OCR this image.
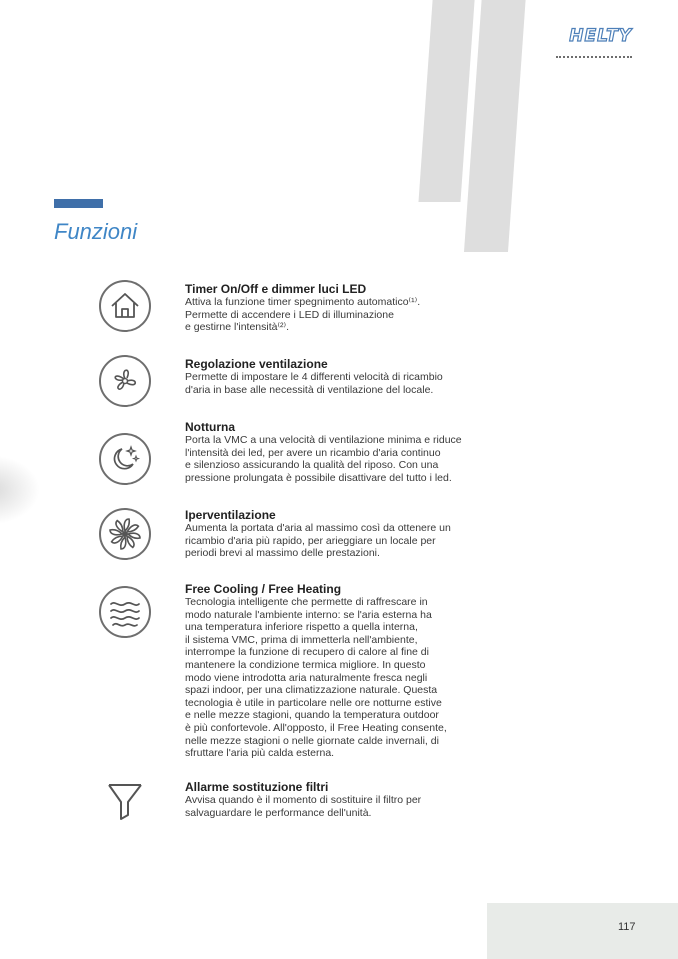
HELTY
Funzioni
Timer On/Off e dimmer luci LED
Attiva la funzione timer spegnimento automatico⁽¹⁾.
Permette di accendere i LED di illuminazione
e gestirne l'intensità⁽²⁾.
Regolazione ventilazione
Permette di impostare le 4 differenti velocità di ricambio
d'aria in base alle necessità di ventilazione del locale.
Notturna
Porta la VMC a una velocità di ventilazione minima e riduce
l'intensità dei led, per avere un ricambio d'aria continuo
e silenzioso assicurando la qualità del riposo. Con una
pressione prolungata è possibile disattivare del tutto i led.
Iperventilazione
Aumenta la portata d'aria al massimo così da ottenere un
ricambio d'aria più rapido, per arieggiare un locale per
periodi brevi al massimo delle prestazioni.
Free Cooling / Free Heating
Tecnologia intelligente che permette di raffrescare in
modo naturale l'ambiente interno: se l'aria esterna ha
una temperatura inferiore rispetto a quella interna,
il sistema VMC, prima di immetterla nell'ambiente,
interrompe la funzione di recupero di calore al fine di
mantenere la condizione termica migliore. In questo
modo viene introdotta aria naturalmente fresca negli
spazi indoor, per una climatizzazione naturale. Questa
tecnologia è utile in particolare nelle ore notturne estive
e nelle mezze stagioni, quando la temperatura outdoor
è più confortevole. All'opposto, il Free Heating consente,
nelle mezze stagioni o nelle giornate calde invernali, di
sfruttare l'aria più calda esterna.
Allarme sostituzione filtri
Avvisa quando è il momento di sostituire il filtro per
salvaguardare le performance dell'unità.
117
